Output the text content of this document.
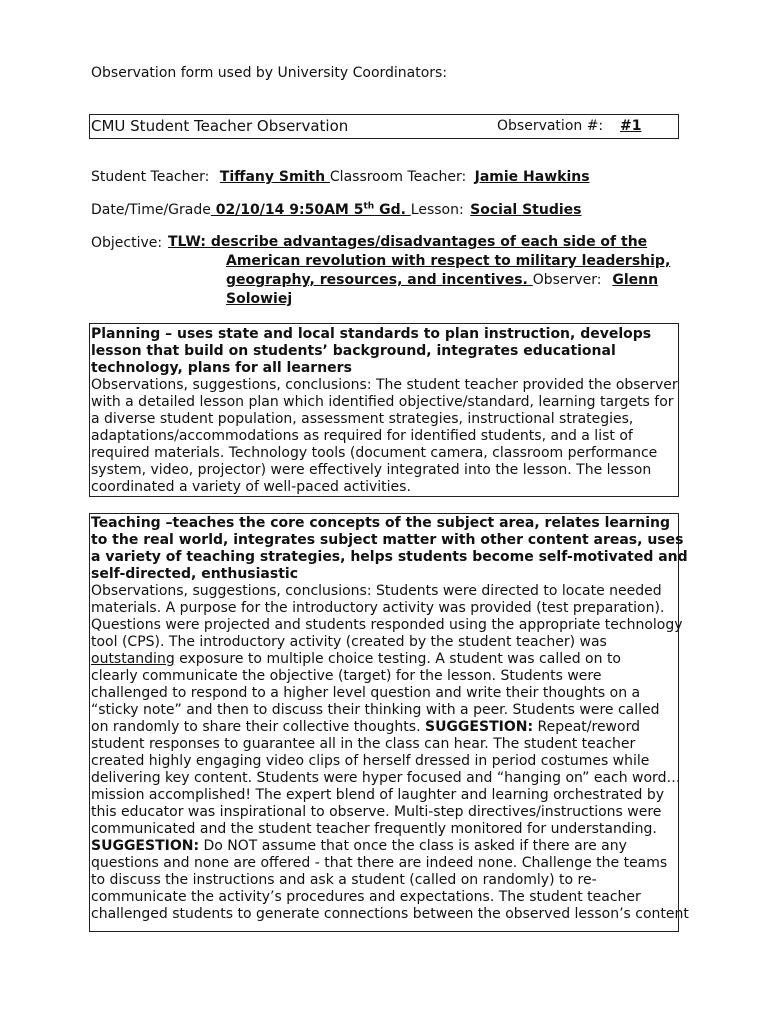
Observation form used by University Coordinators:
CMU Student Teacher Observation	Observation #: #1
Student Teacher: Tiffany Smith Classroom Teacher: Jamie Hawkins
Date/Time/Grade 02/10/14 9:50AM 5th Gd. Lesson: Social Studies
Objective: TLW: describe advantages/disadvantages of each side of the
American revolution with respect to military leadership,
geography, resources, and incentives. Observer: Glenn
Solowiej
Planning – uses state and local standards to plan instruction, develops
lesson that build on students’ background, integrates educational
technology, plans for all learners
Observations, suggestions, conclusions: The student teacher provided the observer
with a detailed lesson plan which identified objective/standard, learning targets for
a diverse student population, assessment strategies, instructional strategies,
adaptations/accommodations as required for identified students, and a list of
required materials. Technology tools (document camera, classroom performance
system, video, projector) were effectively integrated into the lesson. The lesson
coordinated a variety of well-paced activities.
Teaching –teaches the core concepts of the subject area, relates learning
to the real world, integrates subject matter with other content areas, uses
a variety of teaching strategies, helps students become self-motivated and
self-directed, enthusiastic
Observations, suggestions, conclusions: Students were directed to locate needed
materials. A purpose for the introductory activity was provided (test preparation).
Questions were projected and students responded using the appropriate technology
tool (CPS). The introductory activity (created by the student teacher) was
outstanding exposure to multiple choice testing. A student was called on to
clearly communicate the objective (target) for the lesson. Students were
challenged to respond to a higher level question and write their thoughts on a
“sticky note” and then to discuss their thinking with a peer. Students were called
on randomly to share their collective thoughts. SUGGESTION: Repeat/reword
student responses to guarantee all in the class can hear. The student teacher
created highly engaging video clips of herself dressed in period costumes while
delivering key content. Students were hyper focused and “hanging on” each word…
mission accomplished! The expert blend of laughter and learning orchestrated by
this educator was inspirational to observe. Multi-step directives/instructions were
communicated and the student teacher frequently monitored for understanding.
SUGGESTION: Do NOT assume that once the class is asked if there are any
questions and none are offered - that there are indeed none. Challenge the teams
to discuss the instructions and ask a student (called on randomly) to re-
communicate the activity’s procedures and expectations. The student teacher
challenged students to generate connections between the observed lesson’s content
